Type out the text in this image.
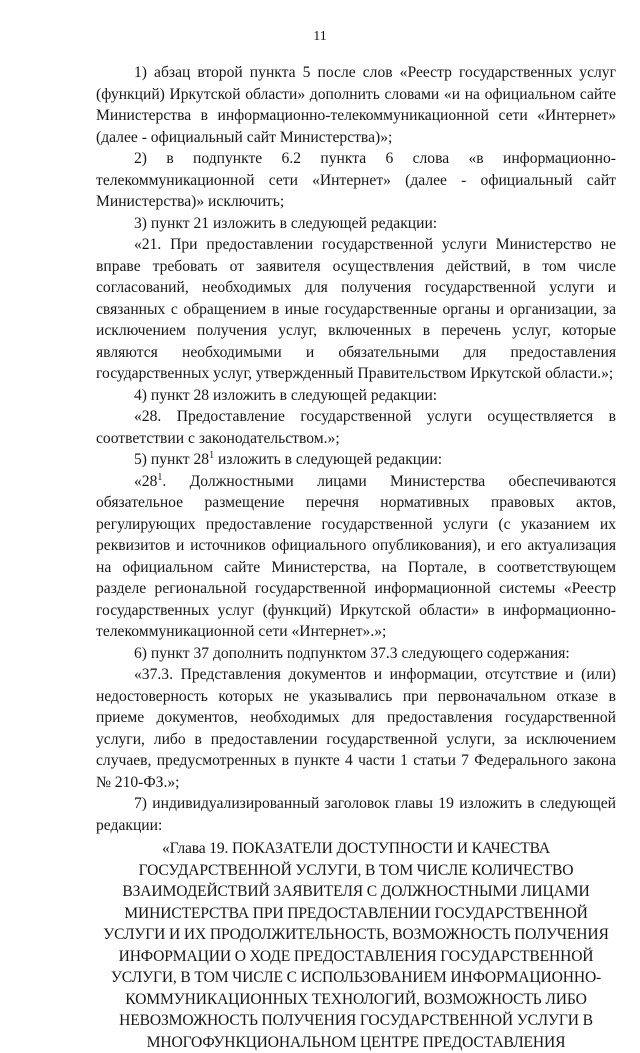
11

1) абзац второй пункта 5 после слов «Реестр государственных услуг (функций) Иркутской области» дополнить словами «и на официальном сайте Министерства в информационно-телекоммуникационной сети «Интернет» (далее - официальный сайт Министерства)»;

2) в подпункте 6.2 пункта 6 слова «в информационно-телекоммуникационной сети «Интернет» (далее - официальный сайт Министерства)» исключить;

3) пункт 21 изложить в следующей редакции:

«21. При предоставлении государственной услуги Министерство не вправе требовать от заявителя осуществления действий, в том числе согласований, необходимых для получения государственной услуги и связанных с обращением в иные государственные органы и организации, за исключением получения услуг, включенных в перечень услуг, которые являются необходимыми и обязательными для предоставления государственных услуг, утвержденный Правительством Иркутской области.»;

4) пункт 28 изложить в следующей редакции:

«28. Предоставление государственной услуги осуществляется в соответствии с законодательством.»;

5) пункт $28^1$ изложить в следующей редакции:

«$28^1$. Должностными лицами Министерства обеспечиваются обязательное размещение перечня нормативных правовых актов, регулирующих предоставление государственной услуги (с указанием их реквизитов и источников официального опубликования), и его актуализация на официальном сайте Министерства, на Портале, в соответствующем разделе региональной государственной информационной системы «Реестр государственных услуг (функций) Иркутской области» в информационно-телекоммуникационной сети «Интернет».»;

6) пункт 37 дополнить подпунктом 37.3 следующего содержания:

«37.3. Представления документов и информации, отсутствие и (или) недостоверность которых не указывались при первоначальном отказе в приеме документов, необходимых для предоставления государственной услуги, либо в предоставлении государственной услуги, за исключением случаев, предусмотренных в пункте 4 части 1 статьи 7 Федерального закона № 210-ФЗ.»;

7) индивидуализированный заголовок главы 19 изложить в следующей редакции:

«Глава 19. ПОКАЗАТЕЛИ ДОСТУПНОСТИ И КАЧЕСТВА
ГОСУДАРСТВЕННОЙ УСЛУГИ, В ТОМ ЧИСЛЕ КОЛИЧЕСТВО
ВЗАИМОДЕЙСТВИЙ ЗАЯВИТЕЛЯ С ДОЛЖНОСТНЫМИ ЛИЦАМИ
МИНИСТЕРСТВА ПРИ ПРЕДОСТАВЛЕНИИ ГОСУДАРСТВЕННОЙ
УСЛУГИ И ИХ ПРОДОЛЖИТЕЛЬНОСТЬ, ВОЗМОЖНОСТЬ ПОЛУЧЕНИЯ
ИНФОРМАЦИИ О ХОДЕ ПРЕДОСТАВЛЕНИЯ ГОСУДАРСТВЕННОЙ
УСЛУГИ, В ТОМ ЧИСЛЕ С ИСПОЛЬЗОВАНИЕМ ИНФОРМАЦИОННО-
КОММУНИКАЦИОННЫХ ТЕХНОЛОГИЙ, ВОЗМОЖНОСТЬ ЛИБО
НЕВОЗМОЖНОСТЬ ПОЛУЧЕНИЯ ГОСУДАРСТВЕННОЙ УСЛУГИ В
МНОГОФУНКЦИОНАЛЬНОМ ЦЕНТРЕ ПРЕДОСТАВЛЕНИЯ
